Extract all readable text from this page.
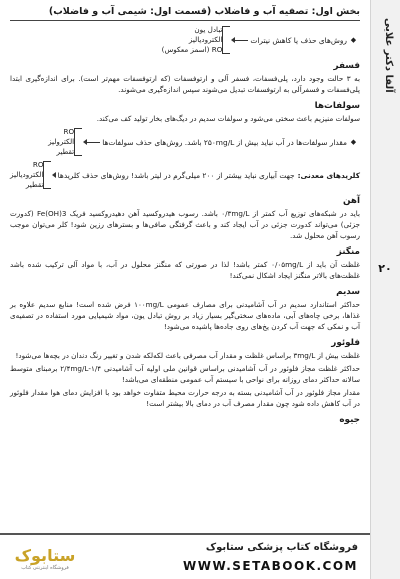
آلفا دکتر علایی
۲۰
بخش اول: تصفیه آب و فاضلاب (قسمت اول: شیمی آب و فاضلاب)
◆
روش‌های حذف یا کاهش نیترات
تبادل یون
الکترودیالیز
RO (اسمز معکوس)
فسفر
به ۳ حالت وجود دارد، پلی‌فسفات، فسفر آلی و ارتوفسفات (که ارتوفسفات مهم‌تر است). برای اندازه‌گیری ابتدا پلی‌فسفات و فسفرآلی به ارتوفسفات تبدیل می‌شوند سپس اندازه‌گیری می‌شوند.
سولفات‌ها
سولفات منیزیم باعث سختی می‌شود و سولفات سدیم در دیگ‌های بخار تولید کف می‌کند.
◆
مقدار سولفات‌ها در آب نباید بیش از ۲۵۰mg/L باشد. روش‌های حذف سولفات‌ها
RO
الکترولیز
تقطیر
کلریدهای معدنی:
جهت آبیاری نباید بیشتر از ۲۰۰ میلی‌گرم در لیتر باشد! روش‌های حذف کلریدها
RO
الکترودیالیز
تقطیر
آهن
باید در شبکه‌های توزیع آب کمتر از ۰/۳mg/L باشد. رسوب هیدروکسید آهن دهیدروکسید فریک Fe(OH)3 (کدورت جزئی) می‌تواند کدورت جزئی در آب ایجاد کند و باعث گرفتگی صافی‌ها و بسترهای رزین شود! کلر می‌توان موجب رسوب آهن محلول شد.
منگنز
غلظت آن باید از ۰/۰۵mg/L کمتر باشد! لذا در صورتی که منگنز محلول در آب، با مواد آلی ترکیب شده باشد غلظت‌های بالاتر منگنز ایجاد اشکال نمی‌کند!
سدیم
حداکثر استاندارد سدیم در آب آشامیدنی برای مصارف عمومی ۱۰۰mg/L فرض شده است! منابع سدیم علاوه بر غذاها، برخی چاه‌های آبی، ماده‌های سختی‌گیر بسیار زیاد بر روش تبادل یون، مواد شیمیایی مورد استفاده در تصفیه‌ی آب و نمکی که جهت آب کردن یخ‌های روی جاده‌ها پاشیده می‌شود!
فلوئور
غلظت بیش از ۳mg/L براساس غلظت و مقدار آب مصرفی باعث لکه‌لکه شدن و تغییر رنگ دندان در بچه‌ها می‌شود!
حداکثر غلظت مجاز فلوئور در آب آشامیدنی براساس قوانین ملی اولیه آب آشامیدنی ۱/۴-۲/۴mg/L برمبنای متوسط سالانه حداکثر دمای روزانه برای نواحی با سیستم آب عمومی منطقه‌ای می‌باشد!
مقدار مجاز فلوئور در آب آشامیدنی بسته به درجه حرارت محیط متفاوت خواهد بود با افزایش دمای هوا مقدار فلوئور در آب کاهش داده شود چون مقدار مصرف آب در دمای بالا بیشتر است!
جیوه
ستابوک
فروشگاه اینترنتی کتاب
فروشگاه کتاب پزشکی ستابوک
WWW.SETABOOK.COM
